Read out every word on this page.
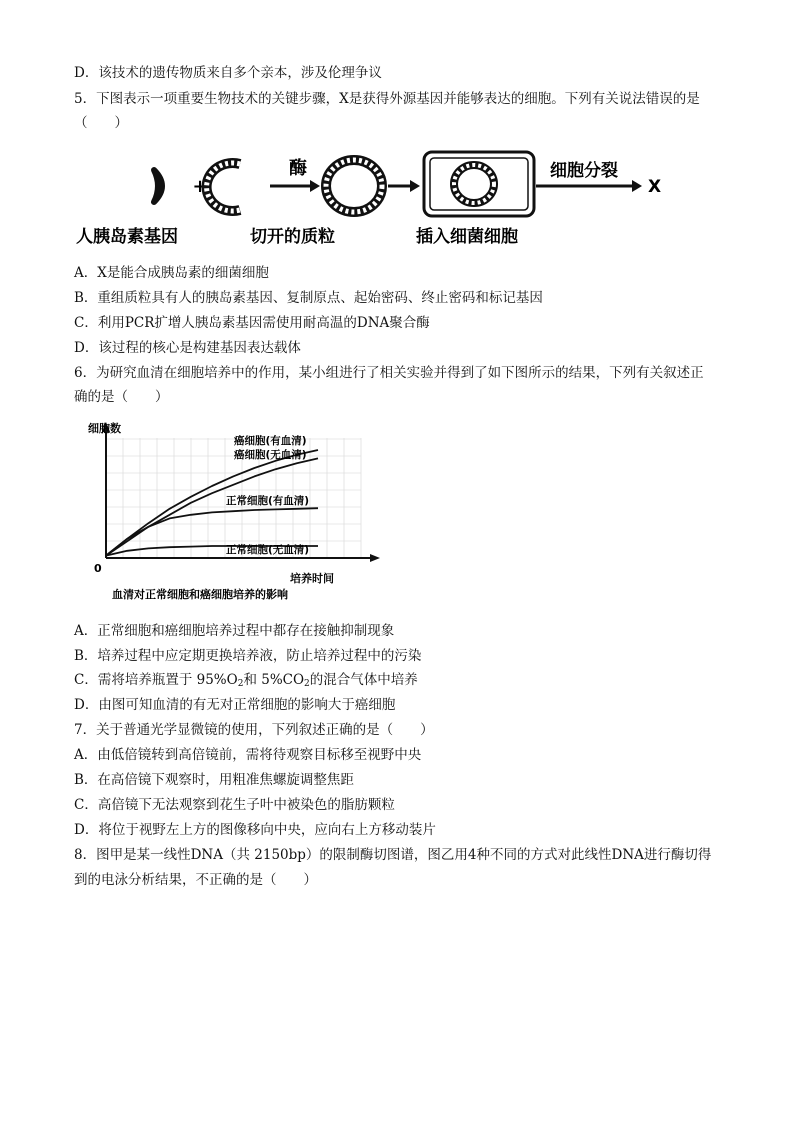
D．该技术的遗传物质来自多个亲本，涉及伦理争议
5．下图表示一项重要生物技术的关键步骤，X是获得外源基因并能够表达的细胞。下列有关说法错误的是
（　　）
+
酶	细胞分裂
X
人胰岛素基因	切开的质粒	插入细菌细胞
A．X是能合成胰岛素的细菌细胞
B．重组质粒具有人的胰岛素基因、复制原点、起始密码、终止密码和标记基因
C．利用PCR扩增人胰岛素基因需使用耐高温的DNA聚合酶
D．该过程的核心是构建基因表达载体
6．为研究血清在细胞培养中的作用，某小组进行了相关实验并得到了如下图所示的结果，下列有关叙述正
确的是（　　）
细胞数
0
培养时间
血清对正常细胞和癌细胞培养的影响
癌细胞(有血清)
癌细胞(无血清)
正常细胞(有血清)
正常细胞(无血清)
A．正常细胞和癌细胞培养过程中都存在接触抑制现象
B．培养过程中应定期更换培养液，防止培养过程中的污染
C．需将培养瓶置于 $95\%O_2$和 $5\%CO_2$的混合气体中培养
D．由图可知血清的有无对正常细胞的影响大于癌细胞
7．关于普通光学显微镜的使用，下列叙述正确的是（　　）
A．由低倍镜转到高倍镜前，需将待观察目标移至视野中央
B．在高倍镜下观察时，用粗准焦螺旋调整焦距
C．高倍镜下无法观察到花生子叶中被染色的脂肪颗粒
D．将位于视野左上方的图像移向中央，应向右上方移动装片
8．图甲是某一线性DNA（共 2150bp）的限制酶切图谱，图乙用4种不同的方式对此线性DNA进行酶切得
到的电泳分析结果，不正确的是（　　）
